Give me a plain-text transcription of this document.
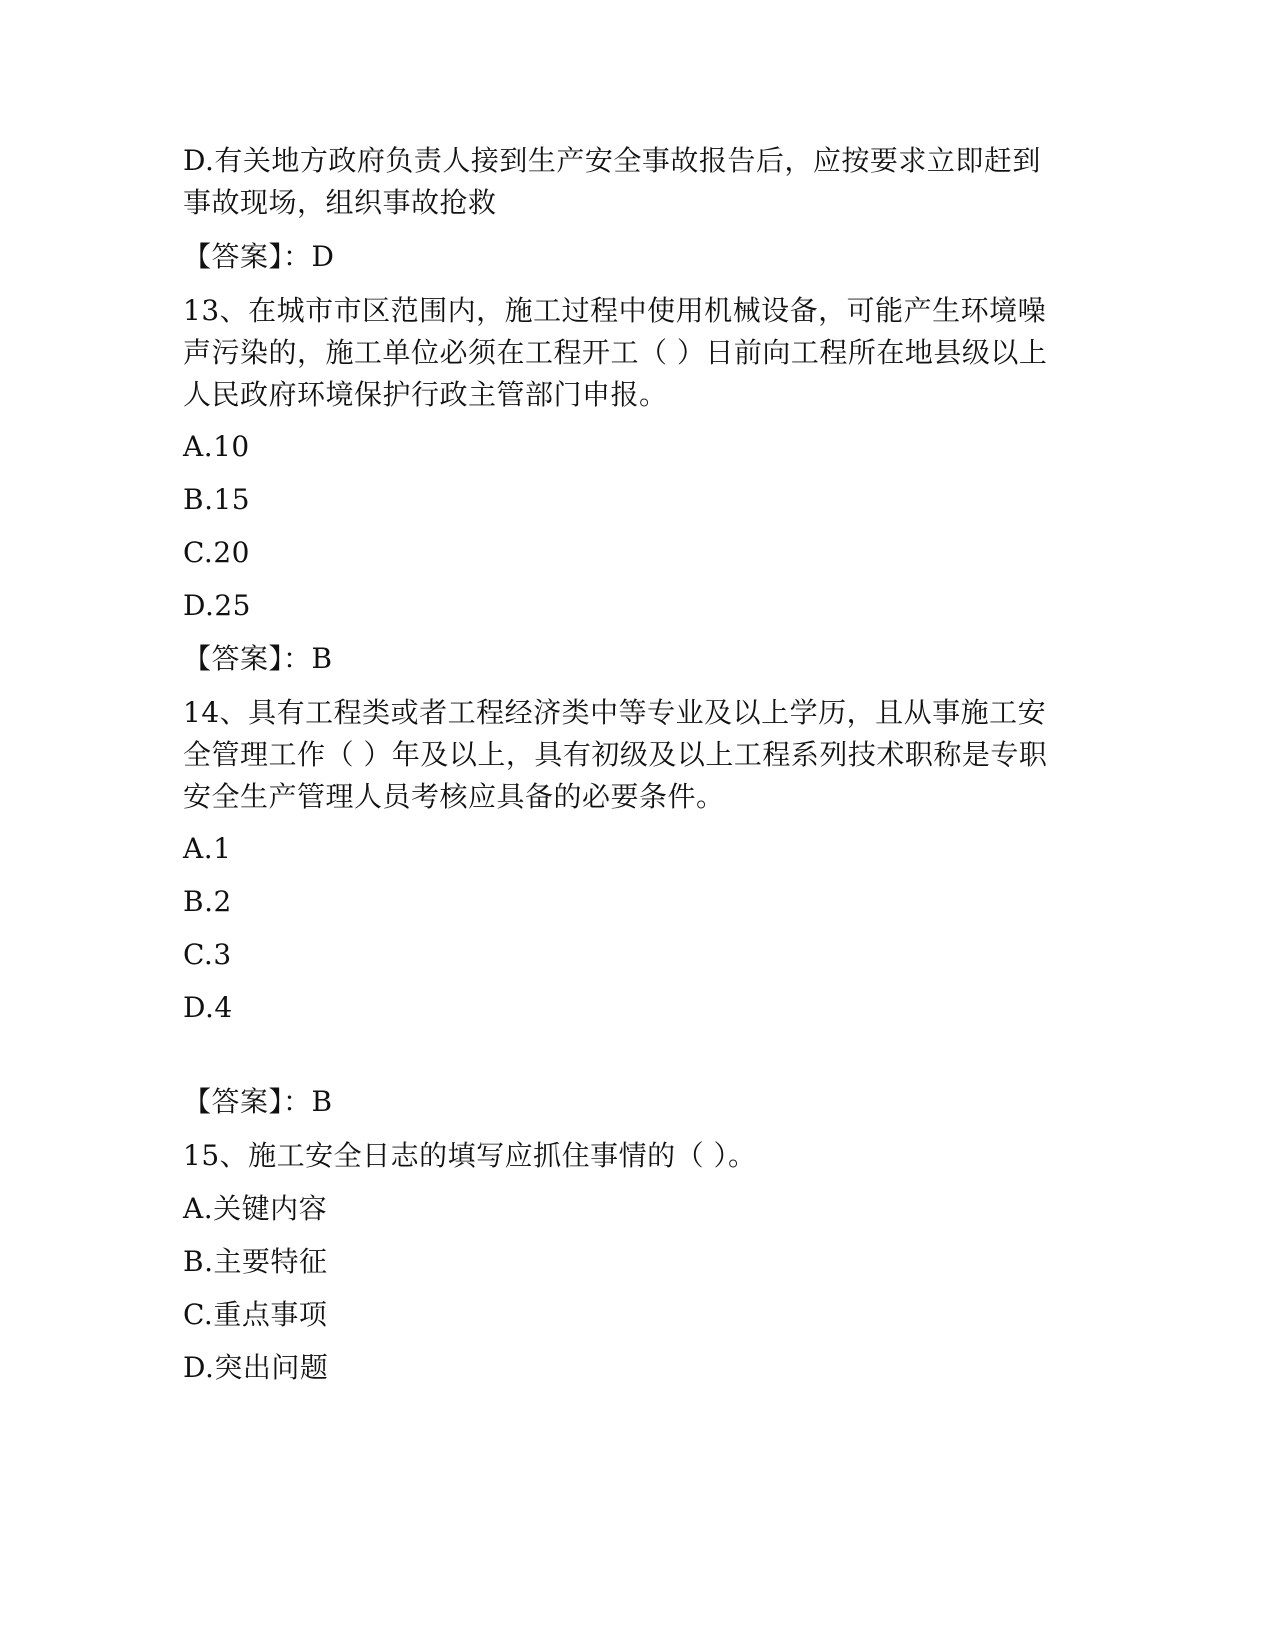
D.有关地方政府负责人接到生产安全事故报告后，应按要求立即赶到
事故现场，组织事故抢救
【答案】：D
13、在城市市区范围内，施工过程中使用机械设备，可能产生环境噪
声污染的，施工单位必须在工程开工（ ）日前向工程所在地县级以上
人民政府环境保护行政主管部门申报。
A.10
B.15
C.20
D.25
【答案】：B
14、具有工程类或者工程经济类中等专业及以上学历，且从事施工安
全管理工作（ ）年及以上，具有初级及以上工程系列技术职称是专职
安全生产管理人员考核应具备的必要条件。
A.1
B.2
C.3
D.4
【答案】：B
15、施工安全日志的填写应抓住事情的（ ）。
A.关键内容
B.主要特征
C.重点事项
D.突出问题
